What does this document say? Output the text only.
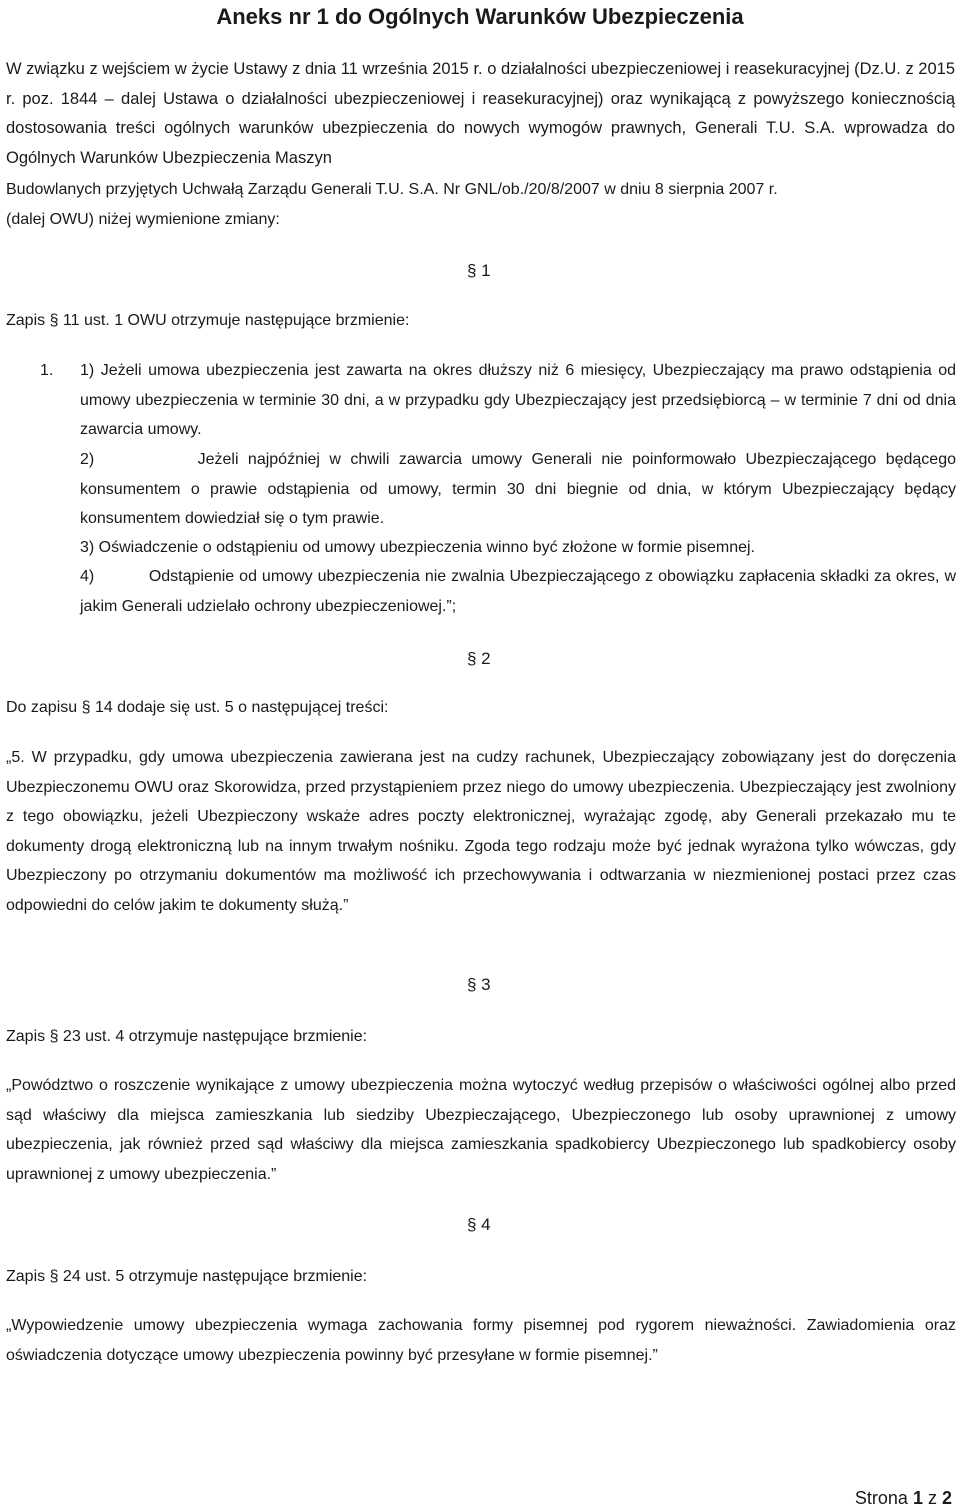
Aneks nr 1 do Ogólnych Warunków Ubezpieczenia

W związku z wejściem w życie Ustawy z dnia 11 września 2015 r. o działalności ubezpieczeniowej i reasekuracyjnej (Dz.U. z 2015 r. poz. 1844 – dalej Ustawa o działalności ubezpieczeniowej i reasekuracyjnej) oraz wynikającą z powyższego koniecznością dostosowania treści ogólnych warunków ubezpieczenia do nowych wymogów prawnych, Generali T.U. S.A. wprowadza do Ogólnych Warunków Ubezpieczenia Maszyn

Budowlanych przyjętych Uchwałą Zarządu Generali T.U. S.A. Nr GNL/ob./20/8/2007 w dniu 8 sierpnia 2007 r.
(dalej OWU) niżej wymienione zmiany:

§ 1
Zapis § 11 ust. 1 OWU otrzymuje następujące brzmienie:
1. 1) Jeżeli umowa ubezpieczenia jest zawarta na okres dłuższy niż 6 miesięcy, Ubezpieczający ma prawo odstąpienia od umowy ubezpieczenia w terminie 30 dni, a w przypadku gdy Ubezpieczający jest przedsiębiorcą – w terminie 7 dni od dnia zawarcia umowy.

2)           Jeżeli najpóźniej w chwili zawarcia umowy Generali nie poinformowało Ubezpieczającego będącego konsumentem o prawie odstąpienia od umowy, termin 30 dni biegnie od dnia, w którym Ubezpieczający będący konsumentem dowiedział się o tym prawie.

3) Oświadczenie o odstąpieniu od umowy ubezpieczenia winno być złożone w formie pisemnej.

4)           Odstąpienie od umowy ubezpieczenia nie zwalnia Ubezpieczającego z obowiązku zapłacenia składki za okres, w jakim Generali udzielało ochrony ubezpieczeniowej.”;

§ 2
Do zapisu § 14 dodaje się ust. 5 o następującej treści:

„5. W przypadku, gdy umowa ubezpieczenia zawierana jest na cudzy rachunek, Ubezpieczający zobowiązany jest do doręczenia Ubezpieczonemu OWU oraz Skorowidza, przed przystąpieniem przez niego do umowy ubezpieczenia. Ubezpieczający jest zwolniony z tego obowiązku, jeżeli Ubezpieczony wskaże adres poczty elektronicznej, wyrażając zgodę, aby Generali przekazało mu te dokumenty drogą elektroniczną lub na innym trwałym nośniku. Zgoda tego rodzaju może być jednak wyrażona tylko wówczas, gdy Ubezpieczony po otrzymaniu dokumentów ma możliwość ich przechowywania i odtwarzania w niezmienionej postaci przez czas odpowiedni do celów jakim te dokumenty służą.”

§ 3
Zapis § 23 ust. 4 otrzymuje następujące brzmienie:

„Powództwo o roszczenie wynikające z umowy ubezpieczenia można wytoczyć według przepisów o właściwości ogólnej albo przed sąd właściwy dla miejsca zamieszkania lub siedziby Ubezpieczającego, Ubezpieczonego lub osoby uprawnionej z umowy ubezpieczenia, jak również przed sąd właściwy dla miejsca zamieszkania spadkobiercy Ubezpieczonego lub spadkobiercy osoby uprawnionej z umowy ubezpieczenia.”

§ 4
Zapis § 24 ust. 5 otrzymuje następujące brzmienie:

„Wypowiedzenie umowy ubezpieczenia wymaga zachowania formy pisemnej pod rygorem nieważności. Zawiadomienia oraz oświadczenia dotyczące umowy ubezpieczenia powinny być przesyłane w formie pisemnej.”

Strona 1 z 2
